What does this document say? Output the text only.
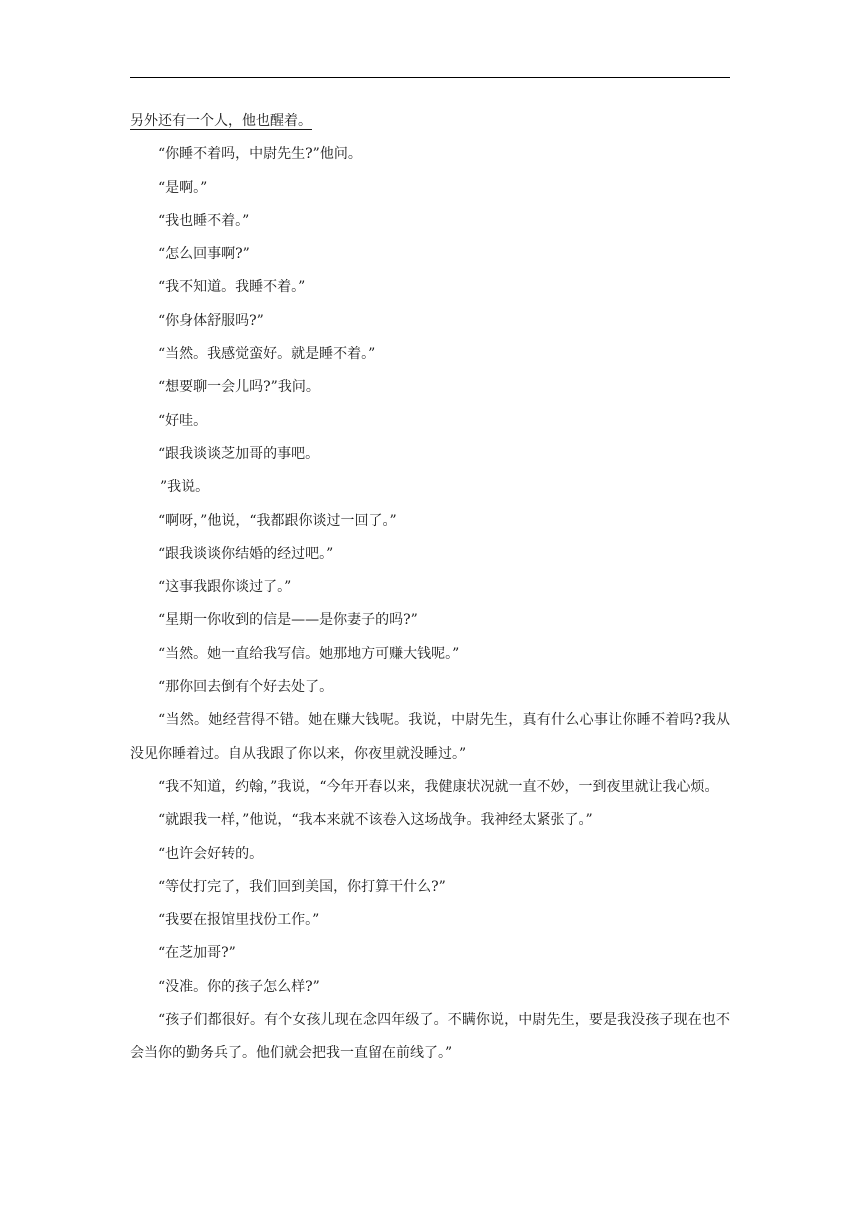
另外还有一个人，他也醒着。

“你睡不着吗，中尉先生?”他问。

“是啊。”

“我也睡不着。”

“怎么回事啊?”

“我不知道。我睡不着。”

“你身体舒服吗?”

“当然。我感觉蛮好。就是睡不着。”

“想要聊一会儿吗?”我问。

“好哇。

“跟我谈谈芝加哥的事吧。

”我说。

“啊呀，”他说，“我都跟你谈过一回了。”

“跟我谈谈你结婚的经过吧。”

“这事我跟你谈过了。”

“星期一你收到的信是——是你妻子的吗?”

“当然。她一直给我写信。她那地方可赚大钱呢。”

“那你回去倒有个好去处了。

“当然。她经营得不错。她在赚大钱呢。我说，中尉先生，真有什么心事让你睡不着吗?我从没见你睡着过。自从我跟了你以来，你夜里就没睡过。”

“我不知道，约翰，”我说，“今年开春以来，我健康状况就一直不妙，一到夜里就让我心烦。

“就跟我一样，”他说，“我本来就不该卷入这场战争。我神经太紧张了。”

“也许会好转的。

“等仗打完了，我们回到美国，你打算干什么?”

“我要在报馆里找份工作。”

“在芝加哥?”

“没准。你的孩子怎么样?”

“孩子们都很好。有个女孩儿现在念四年级了。不瞒你说，中尉先生，要是我没孩子现在也不会当你的勤务兵了。他们就会把我一直留在前线了。”
